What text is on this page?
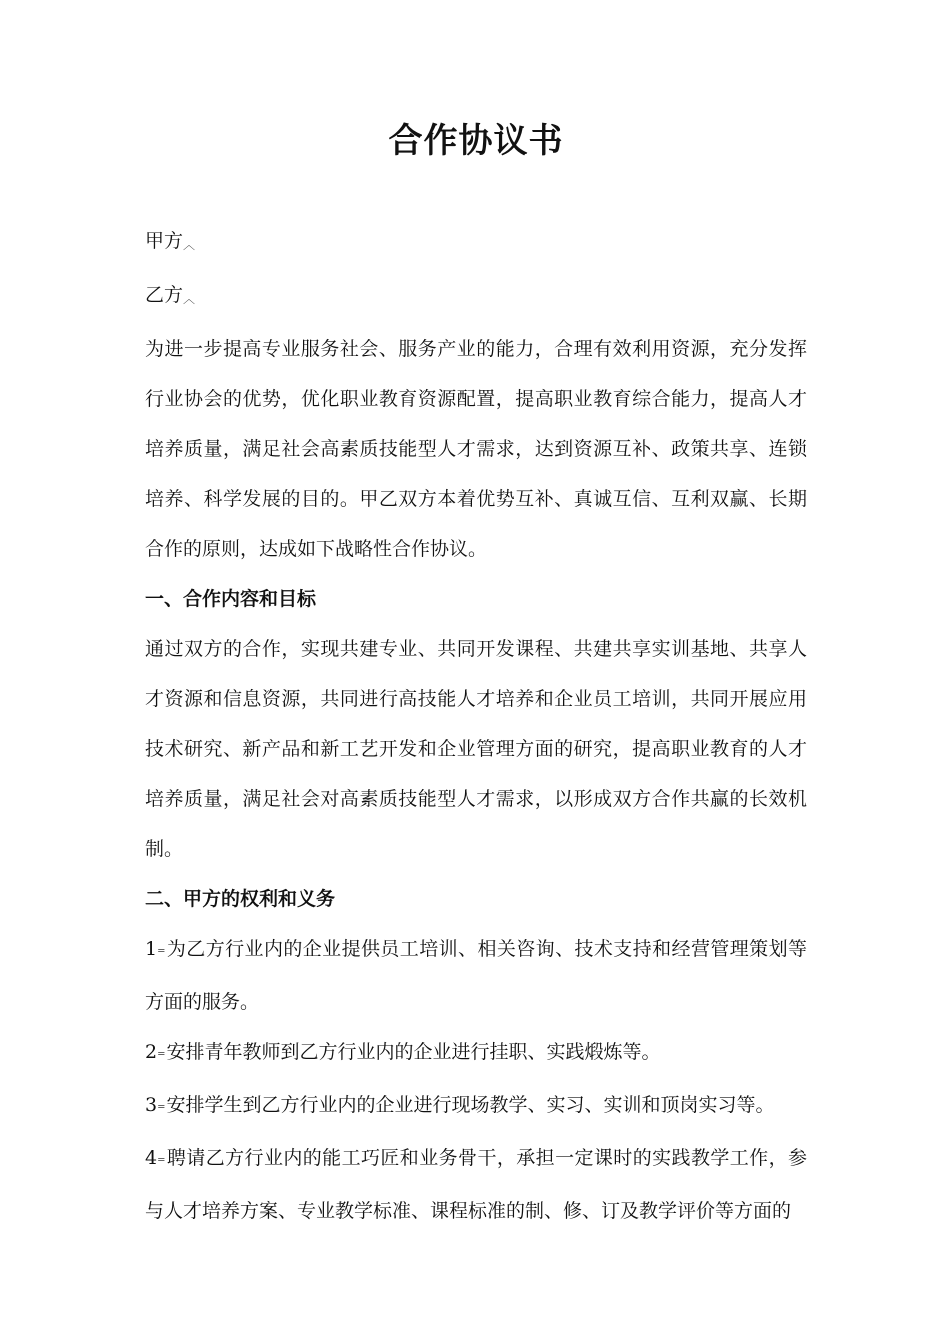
合作协议书

甲方︿

乙方︿

为进一步提高专业服务社会、服务产业的能力，合理有效利用资源，充分发挥行业协会的优势，优化职业教育资源配置，提高职业教育综合能力，提高人才培养质量，满足社会高素质技能型人才需求，达到资源互补、政策共享、连锁培养、科学发展的目的。甲乙双方本着优势互补、真诚互信、互利双赢、长期合作的原则，达成如下战略性合作协议。

一、合作内容和目标

通过双方的合作，实现共建专业、共同开发课程、共建共享实训基地、共享人才资源和信息资源，共同进行高技能人才培养和企业员工培训，共同开展应用技术研究、新产品和新工艺开发和企业管理方面的研究，提高职业教育的人才培养质量，满足社会对高素质技能型人才需求，以形成双方合作共赢的长效机制。

二、甲方的权利和义务

1=为乙方行业内的企业提供员工培训、相关咨询、技术支持和经营管理策划等方面的服务。

2=安排青年教师到乙方行业内的企业进行挂职、实践煅炼等。

3=安排学生到乙方行业内的企业进行现场教学、实习、实训和顶岗实习等。

4=聘请乙方行业内的能工巧匠和业务骨干，承担一定课时的实践教学工作，参与人才培养方案、专业教学标准、课程标准的制、修、订及教学评价等方面的
